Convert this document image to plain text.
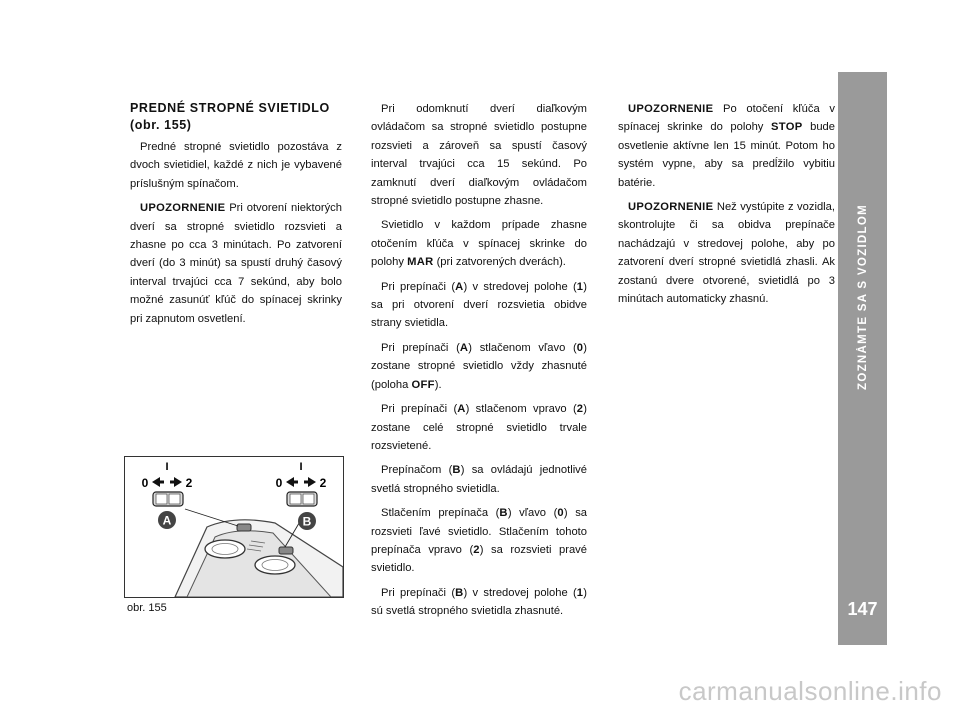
PREDNÉ STROPNÉ SVIETIDLO
(obr. 155)

Predné stropné svietidlo pozostáva z dvoch svietidiel, každé z nich je vybavené príslušným spínačom.

UPOZORNENIE Pri otvorení niektorých dverí sa stropné svietidlo rozsvieti a zhasne po cca 3 minútach. Po zatvorení dverí (do 3 minút) sa spustí druhý časový interval trvajúci cca 7 sekúnd, aby bolo možné zasunúť kľúč do spínacej skrinky pri zapnutom osvetlení.

Pri odomknutí dverí diaľkovým ovládačom sa stropné svietidlo postupne rozsvieti a zároveň sa spustí časový interval trvajúci cca 15 sekúnd. Po zamknutí dverí diaľkovým ovládačom stropné svietidlo postupne zhasne.

Svietidlo v každom prípade zhasne otočením kľúča v spínacej skrinke do polohy MAR (pri zatvorených dverách).

Pri prepínači (A) v stredovej polohe (1) sa pri otvorení dverí rozsvietia obidve strany svietidla.

Pri prepínači (A) stlačenom vľavo (0) zostane stropné svietidlo vždy zhasnuté (poloha OFF).

Pri prepínači (A) stlačenom vpravo (2) zostane celé stropné svietidlo trvale rozsvietené.

Prepínačom (B) sa ovládajú jednotlivé svetlá stropného svietidla.

Stlačením prepínača (B) vľavo (0) sa rozsvieti ľavé svietidlo. Stlačením tohoto prepínača vpravo (2) sa rozsvieti pravé svietidlo.

Pri prepínači (B) v stredovej polohe (1) sú svetlá stropného svietidla zhasnuté.

UPOZORNENIE Po otočení kľúča v spínacej skrinke do polohy STOP bude osvetlenie aktívne len 15 minút. Potom ho systém vypne, aby sa predĺžilo vybitiu batérie.

UPOZORNENIE Než vystúpite z vozidla, skontrolujte či sa obidva prepínače nachádzajú v stredovej polohe, aby po zatvorení dverí stropné svietidlá zhasli. Ak zostanú dvere otvorené, svietidlá po 3 minútach automaticky zhasnú.

I
0	2
A
I
0	2
B
obr. 155
ZOZNÁMTE SA S VOZIDLOM
147
carmanualsonline.info
